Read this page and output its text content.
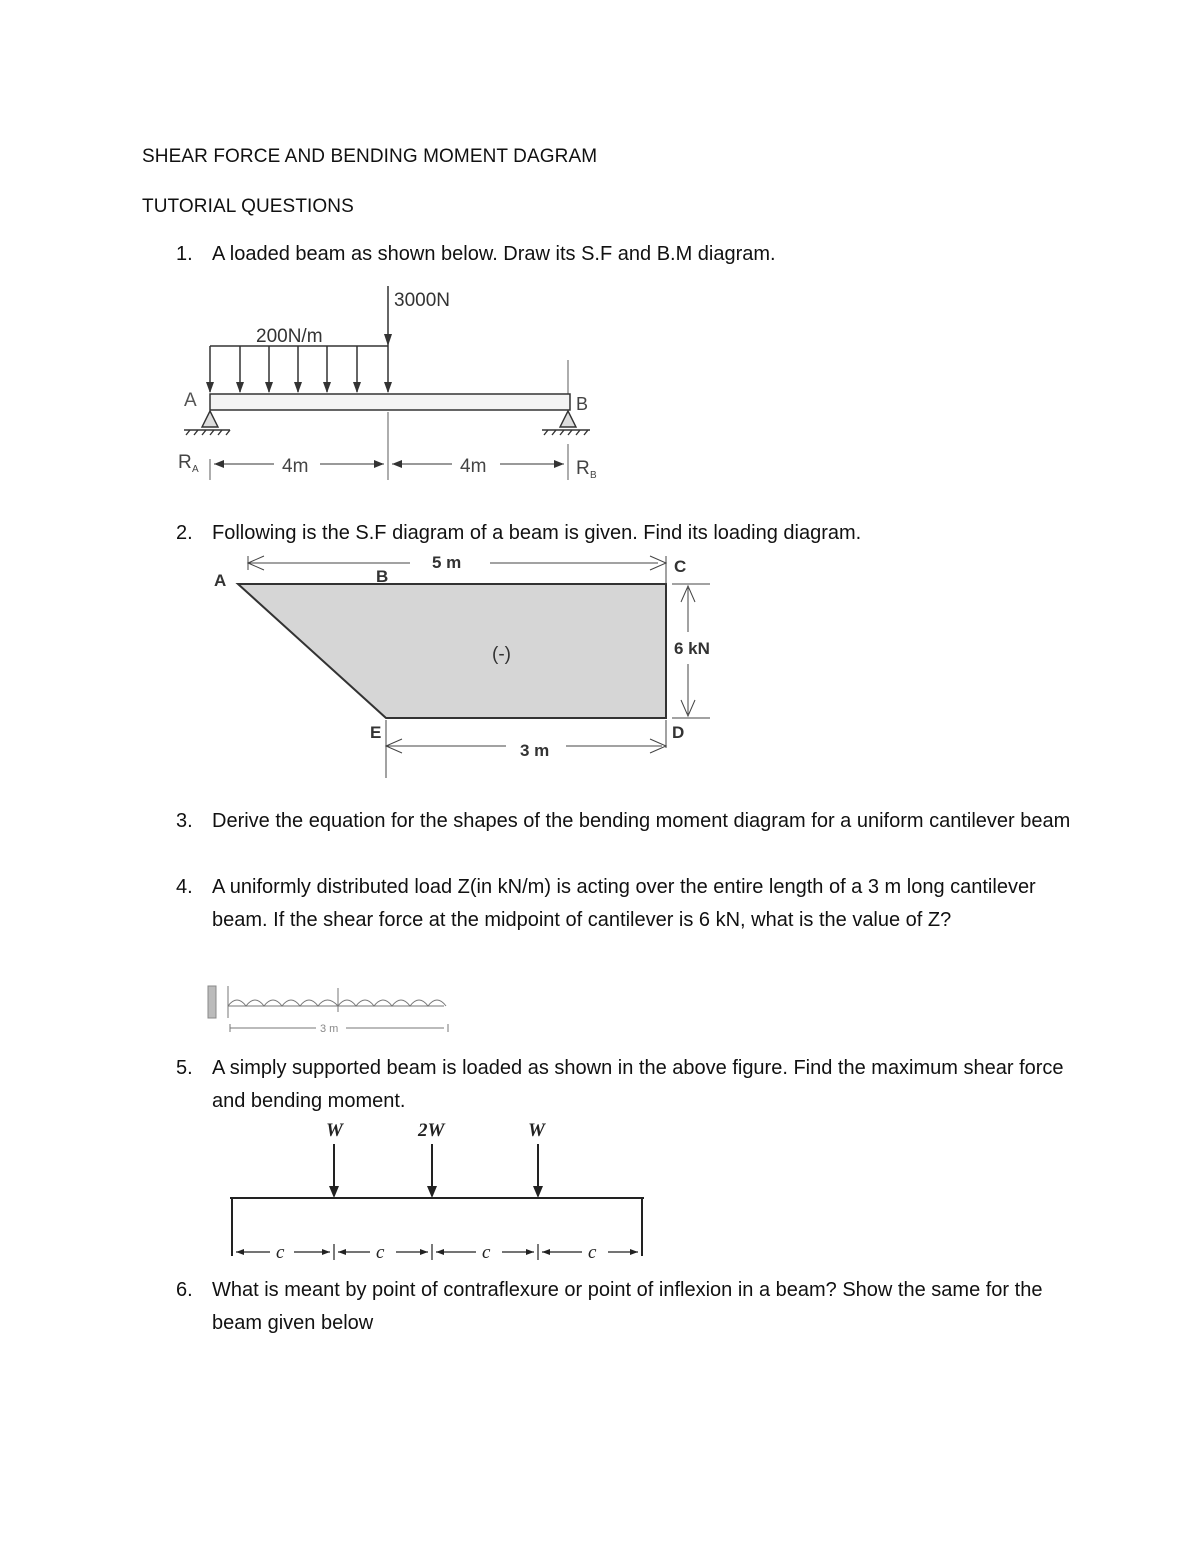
SHEAR FORCE AND BENDING MOMENT DAGRAM
TUTORIAL QUESTIONS
1. A loaded beam as shown below. Draw its S.F and B.M diagram.
3000N
200N/m
A	B
R A	R B
4m	4m
2. Following is the S.F diagram of a beam is given. Find its loading diagram.
5 m
3 m
A	B
C
D
E
(-)	6 kN
3. Derive the equation for the shapes of the bending moment diagram for a uniform cantilever beam
4. A uniformly distributed load Z(in kN/m) is acting over the entire length of a 3 m long cantilever beam. If the shear force at the midpoint of cantilever is 6 kN, what is the value of Z?
3 m
5. A simply supported beam is loaded as shown in the above figure. Find the maximum shear force and bending moment.
W	2W	W
c	c	c	c
6. What is meant by point of contraflexure or point of inflexion in a beam? Show the same for the beam given below
